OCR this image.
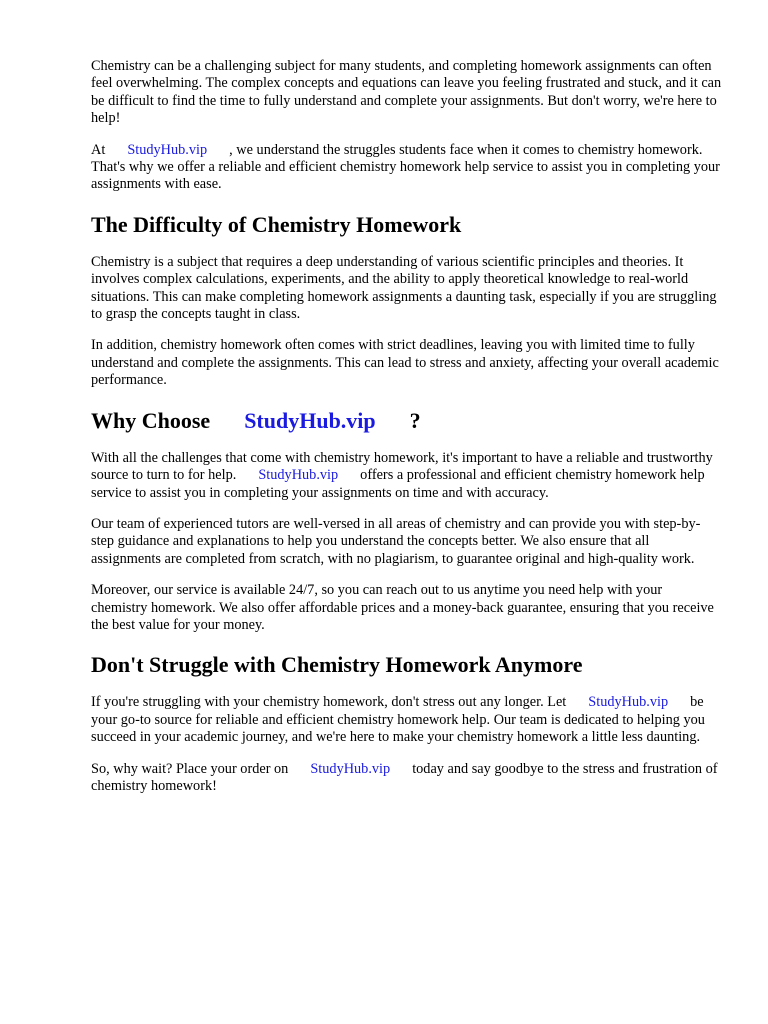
Chemistry can be a challenging subject for many students, and completing homework assignments can often feel overwhelming. The complex concepts and equations can leave you feeling frustrated and stuck, and it can be difficult to find the time to fully understand and complete your assignments. But don't worry, we're here to help!

At StudyHub.vip , we understand the struggles students face when it comes to chemistry homework. That's why we offer a reliable and efficient chemistry homework help service to assist you in completing your assignments with ease.

The Difficulty of Chemistry Homework

Chemistry is a subject that requires a deep understanding of various scientific principles and theories. It involves complex calculations, experiments, and the ability to apply theoretical knowledge to real-world situations. This can make completing homework assignments a daunting task, especially if you are struggling to grasp the concepts taught in class.

In addition, chemistry homework often comes with strict deadlines, leaving you with limited time to fully understand and complete the assignments. This can lead to stress and anxiety, affecting your overall academic performance.

Why Choose StudyHub.vip ?

With all the challenges that come with chemistry homework, it's important to have a reliable and trustworthy source to turn to for help. StudyHub.vip offers a professional and efficient chemistry homework help service to assist you in completing your assignments on time and with accuracy.

Our team of experienced tutors are well-versed in all areas of chemistry and can provide you with step-by-step guidance and explanations to help you understand the concepts better. We also ensure that all assignments are completed from scratch, with no plagiarism, to guarantee original and high-quality work.

Moreover, our service is available 24/7, so you can reach out to us anytime you need help with your chemistry homework. We also offer affordable prices and a money-back guarantee, ensuring that you receive the best value for your money.

Don't Struggle with Chemistry Homework Anymore

If you're struggling with your chemistry homework, don't stress out any longer. Let StudyHub.vip be your go-to source for reliable and efficient chemistry homework help. Our team is dedicated to helping you succeed in your academic journey, and we're here to make your chemistry homework a little less daunting.

So, why wait? Place your order on StudyHub.vip today and say goodbye to the stress and frustration of chemistry homework!
